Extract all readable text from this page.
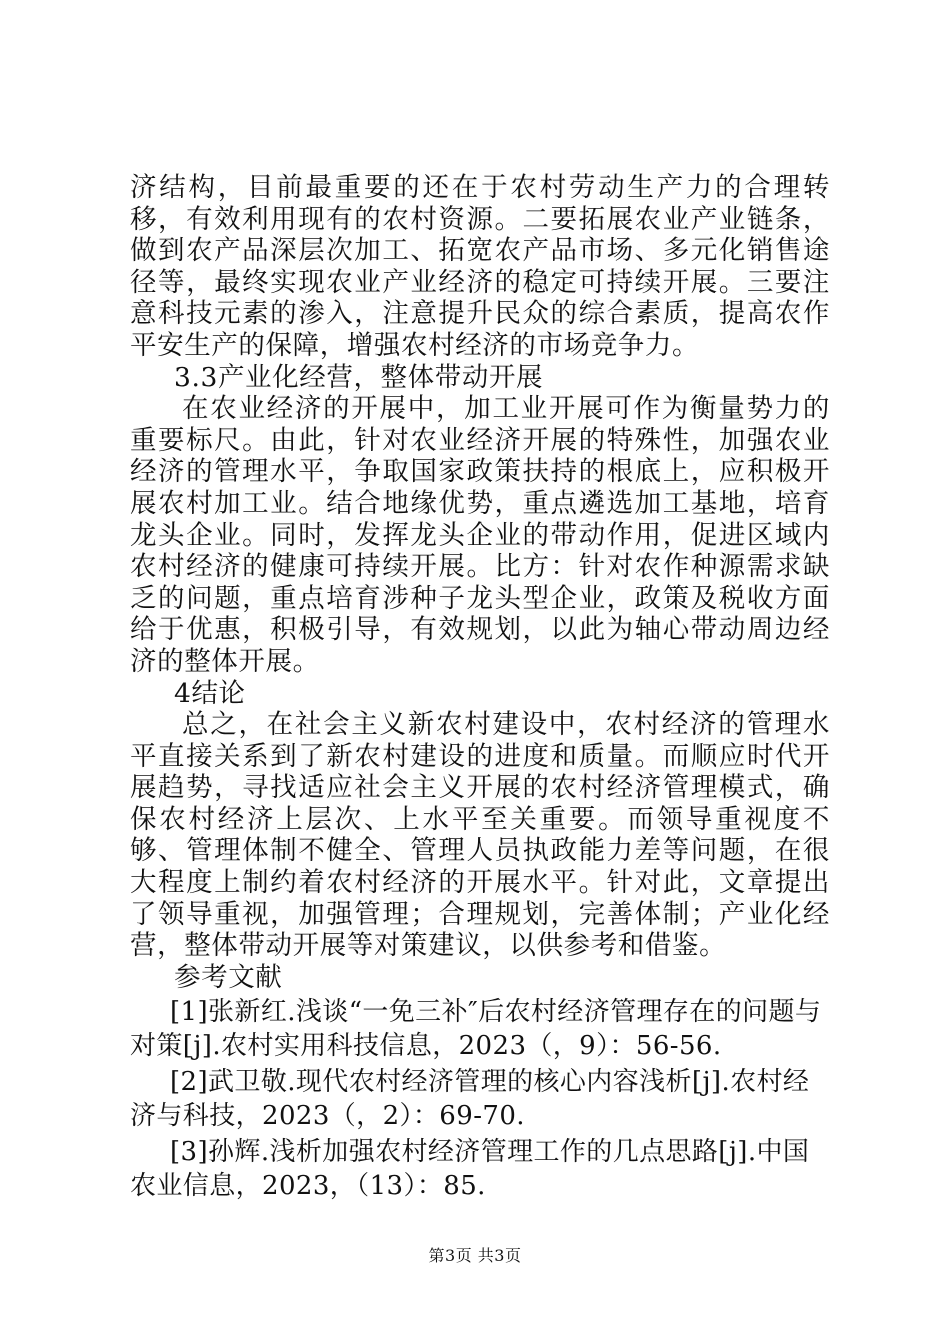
济结构，目前最重要的还在于农村劳动生产力的合理转移，有效利用现有的农村资源。二要拓展农业产业链条，做到农产品深层次加工、拓宽农产品市场、多元化销售途径等，最终实现农业产业经济的稳定可持续开展。三要注意科技元素的渗入，注意提升民众的综合素质，提高农作平安生产的保障，增强农村经济的市场竞争力。

3.3产业化经营，整体带动开展

在农业经济的开展中，加工业开展可作为衡量势力的重要标尺。由此，针对农业经济开展的特殊性，加强农业经济的管理水平，争取国家政策扶持的根底上，应积极开展农村加工业。结合地缘优势，重点遴选加工基地，培育龙头企业。同时，发挥龙头企业的带动作用，促进区域内农村经济的健康可持续开展。比方：针对农作种源需求缺乏的问题，重点培育涉种子龙头型企业，政策及税收方面给于优惠，积极引导，有效规划，以此为轴心带动周边经济的整体开展。

4结论

总之，在社会主义新农村建设中，农村经济的管理水平直接关系到了新农村建设的进度和质量。而顺应时代开展趋势，寻找适应社会主义开展的农村经济管理模式，确保农村经济上层次、上水平至关重要。而领导重视度不够、管理体制不健全、管理人员执政能力差等问题，在很大程度上制约着农村经济的开展水平。针对此，文章提出了领导重视，加强管理；合理规划，完善体制；产业化经营，整体带动开展等对策建议，以供参考和借鉴。

参考文献

[1]张新红.浅谈“一免三补″后农村经济管理存在的问题与对策[j].农村实用科技信息，2023（，9）：56-56.

[2]武卫敬.现代农村经济管理的核心内容浅析[j].农村经济与科技，2023（，2）：69-70.

[3]孙辉.浅析加强农村经济管理工作的几点思路[j].中国农业信息，2023，（13）：85.

第3页 共3页
